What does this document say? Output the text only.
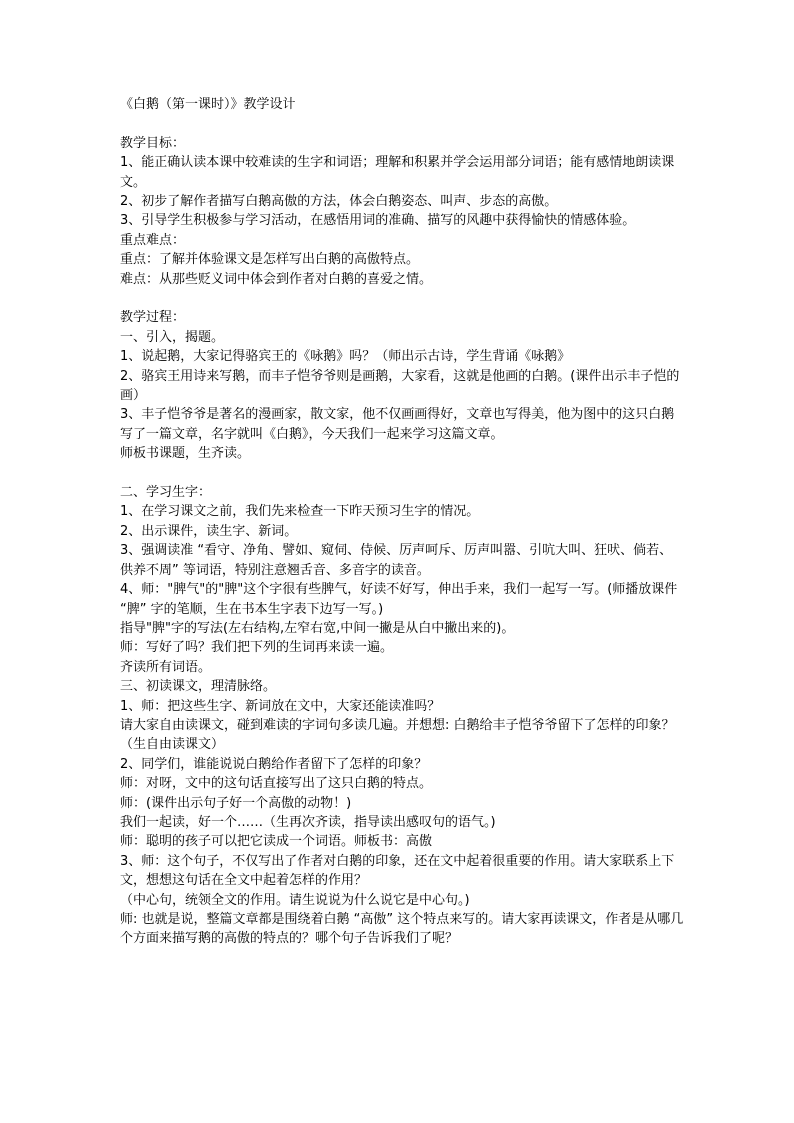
《白鹅（第一课时）》教学设计
教学目标：
1、能正确认读本课中较难读的生字和词语；理解和积累并学会运用部分词语；能有感情地朗读课文。
2、初步了解作者描写白鹅高傲的方法，体会白鹅姿态、叫声、步态的高傲。
3、引导学生积极参与学习活动，在感悟用词的准确、描写的风趣中获得愉快的情感体验。
重点难点：
重点：了解并体验课文是怎样写出白鹅的高傲特点。
难点：从那些贬义词中体会到作者对白鹅的喜爱之情。
教学过程：
一、引入，揭题。
1、说起鹅，大家记得骆宾王的《咏鹅》吗？（师出示古诗，学生背诵《咏鹅》
2、骆宾王用诗来写鹅，而丰子恺爷爷则是画鹅，大家看，这就是他画的白鹅。(课件出示丰子恺的画）
3、丰子恺爷爷是著名的漫画家，散文家，他不仅画画得好，文章也写得美，他为图中的这只白鹅写了一篇文章，名字就叫《白鹅》，今天我们一起来学习这篇文章。
师板书课题，生齐读。
二、学习生字：
1、在学习课文之前，我们先来检查一下昨天预习生字的情况。
2、出示课件，读生字、新词。
3、强调读准 “看守、净角、譬如、窥伺、侍候、厉声呵斥、厉声叫嚣、引吭大叫、狂吠、倘若、供养不周” 等词语，特别注意翘舌音、多音字的读音。
4、师："脾气"的"脾"这个字很有些脾气，好读不好写，伸出手来，我们一起写一写。(师播放课件 “脾” 字的笔顺，生在书本生字表下边写一写。)
指导"脾"字的写法(左右结构,左窄右宽,中间一撇是从白中撇出来的)。
师：写好了吗？我们把下列的生词再来读一遍。
齐读所有词语。
三、初读课文，理清脉络。
1、师：把这些生字、新词放在文中，大家还能读准吗？
请大家自由读课文，碰到难读的字词句多读几遍。并想想: 白鹅给丰子恺爷爷留下了怎样的印象？（生自由读课文）
2、同学们，谁能说说白鹅给作者留下了怎样的印象？
师：对呀，文中的这句话直接写出了这只白鹅的特点。
师：(课件出示句子好一个高傲的动物！)
我们一起读，好一个……（生再次齐读，指导读出感叹句的语气。)
师：聪明的孩子可以把它读成一个词语。师板书：高傲
3、师：这个句子，不仅写出了作者对白鹅的印象，还在文中起着很重要的作用。请大家联系上下文，想想这句话在全文中起着怎样的作用？
（中心句，统领全文的作用。请生说说为什么说它是中心句。)
师: 也就是说，整篇文章都是围绕着白鹅 “高傲” 这个特点来写的。请大家再读课文，作者是从哪几个方面来描写鹅的高傲的特点的？哪个句子告诉我们了呢？
